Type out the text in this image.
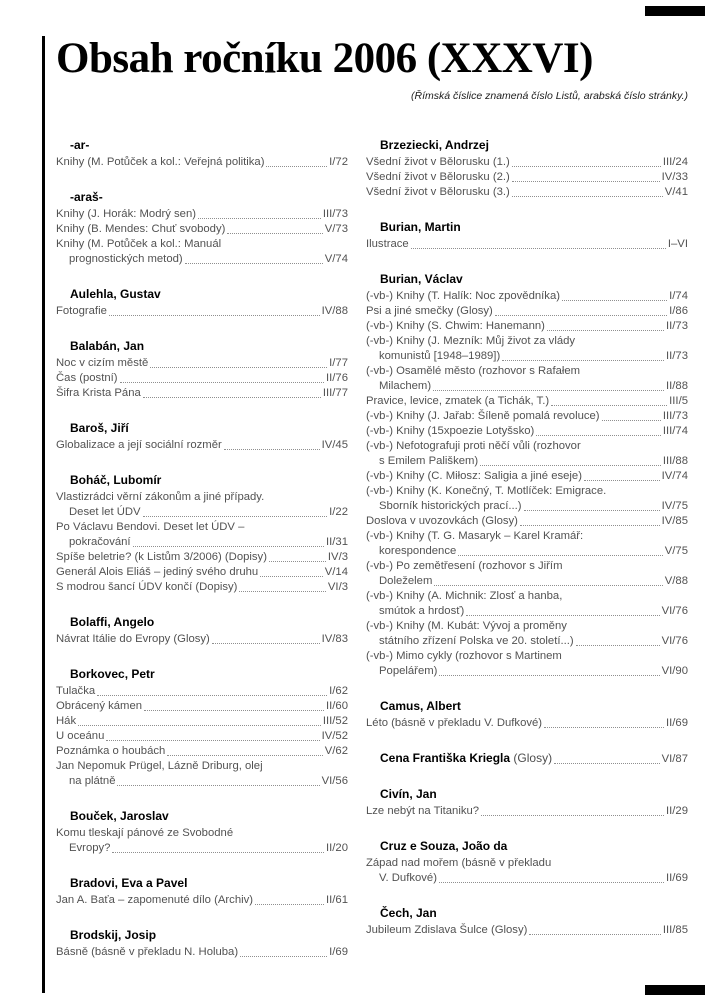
Obsah ročníku 2006 (XXXVI)
(Římská číslice znamená číslo Listů, arabská číslo stránky.)
-ar-
Knihy (M. Potůček a kol.: Veřejná politika)	I/72
-araš-
Knihy (J. Horák: Modrý sen)	III/73
Knihy (B. Mendes: Chuť svobody)	V/73
Knihy (M. Potůček a kol.: Manuál
prognostických metod)	V/74
Aulehla, Gustav
Fotografie	IV/88
Balabán, Jan
Noc v cizím městě	I/77
Čas (postní)	II/76
Šifra Krista Pána	III/77
Baroš, Jiří
Globalizace a její sociální rozměr	IV/45
Boháč, Lubomír
Vlastizrádci věrní zákonům a jiné případy.
Deset let ÚDV	I/22
Po Václavu Bendovi. Deset let ÚDV –
pokračování	II/31
Spíše beletrie? (k Listům 3/2006) (Dopisy)	IV/3
Generál Alois Eliáš – jediný svého druhu	V/14
S modrou šancí ÚDV končí (Dopisy)	VI/3
Bolaffi, Angelo
Návrat Itálie do Evropy (Glosy)	IV/83
Borkovec, Petr
Tulačka	I/62
Obrácený kámen	II/60
Hák	III/52
U oceánu	IV/52
Poznámka o houbách	V/62
Jan Nepomuk Prügel, Lázně Driburg, olej
na plátně	VI/56
Bouček, Jaroslav
Komu tleskají pánové ze Svobodné
Evropy?	II/20
Bradovi, Eva a Pavel
Jan A. Baťa – zapomenuté dílo (Archiv)	II/61
Brodskij, Josip
Básně (básně v překladu N. Holuba)	I/69
Brzeziecki, Andrzej
Všední život v Bělorusku (1.)	III/24
Všední život v Bělorusku (2.)	IV/33
Všední život v Bělorusku (3.)	V/41
Burian, Martin
Ilustrace	I–VI
Burian, Václav
(-vb-) Knihy (T. Halík: Noc zpovědníka)	I/74
Psi a jiné smečky (Glosy)	I/86
(-vb-) Knihy (S. Chwim: Hanemann)	II/73
(-vb-) Knihy (J. Mezník: Můj život za vlády
komunistů [1948–1989])	II/73
(-vb-) Osamělé město (rozhovor s Rafałem
Milachem)	II/88
Pravice, levice, zmatek (a Tichák, T.)	III/5
(-vb-) Knihy (J. Jařab: Šíleně pomalá revoluce)	III/73
(-vb-) Knihy (15xpoezie Lotyšsko)	III/74
(-vb-) Nefotografuji proti něčí vůli (rozhovor
s Emilem Pališkem)	III/88
(-vb-) Knihy (C. Miłosz: Saligia a jiné eseje)	IV/74
(-vb-) Knihy (K. Konečný, T. Motlíček: Emigrace.
Sborník historických prací...)	IV/75
Doslova v uvozovkách (Glosy)	IV/85
(-vb-) Knihy (T. G. Masaryk – Karel Kramář:
korespondence	V/75
(-vb-) Po zemětřesení (rozhovor s Jiřím
Doleželem	V/88
(-vb-) Knihy (A. Michnik: Zlosť a hanba,
smútok a hrdosť)	VI/76
(-vb-) Knihy (M. Kubát: Vývoj a proměny
státního zřízení Polska ve 20. století...)	VI/76
(-vb-) Mimo cykly (rozhovor s Martinem
Popelářem)	VI/90
Camus, Albert
Léto (básně v překladu V. Dufkové)	II/69
Cena Františka Kriegla (Glosy)	VI/87
Civín, Jan
Lze nebýt na Titaniku?	II/29
Cruz e Souza, João da
Západ nad mořem (básně v překladu
V. Dufkové)	II/69
Čech, Jan
Jubileum Zdislava Šulce (Glosy)	III/85
